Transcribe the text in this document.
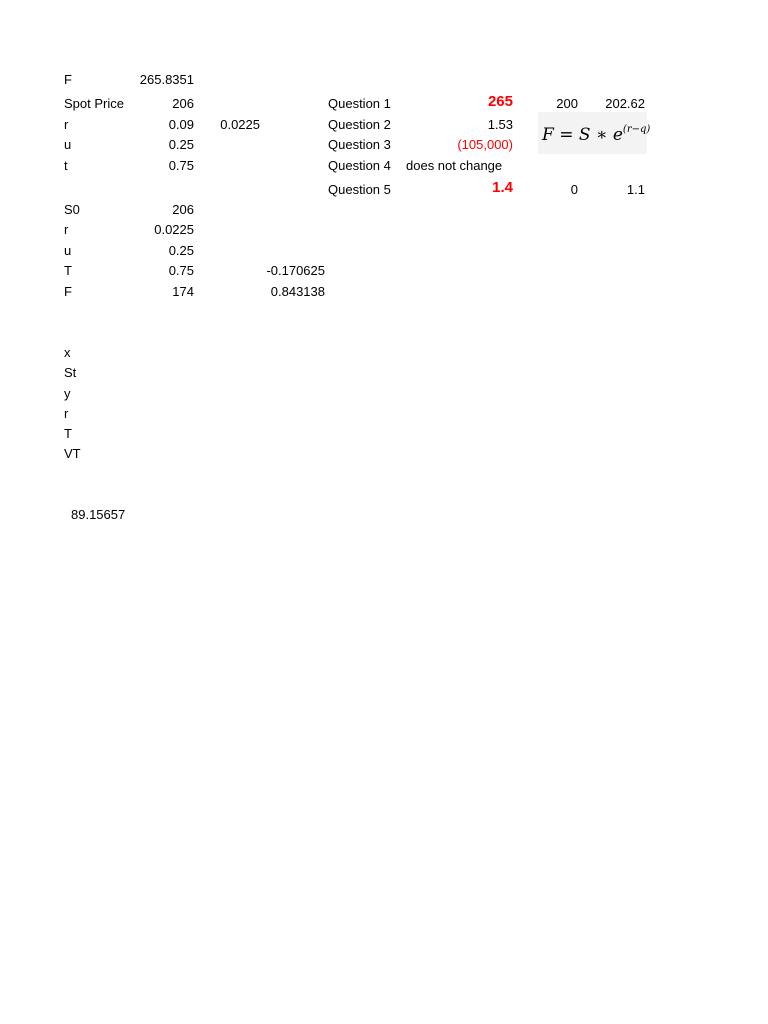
F	265.8351
Spot Price	206
r	0.09	0.0225
u	0.25
t	0.75
Question 1	265	200	202.62
Question 2	1.53
Question 3	(105,000)
Question 4 does not change
Question 5	1.4	0	1.1
F = S ∗ $e^{(r-q)}$
S0	206
r	0.0225
u	0.25
T	0.75	-0.170625
F	174	0.843138
x
St
y
r
T
VT
89.15657
